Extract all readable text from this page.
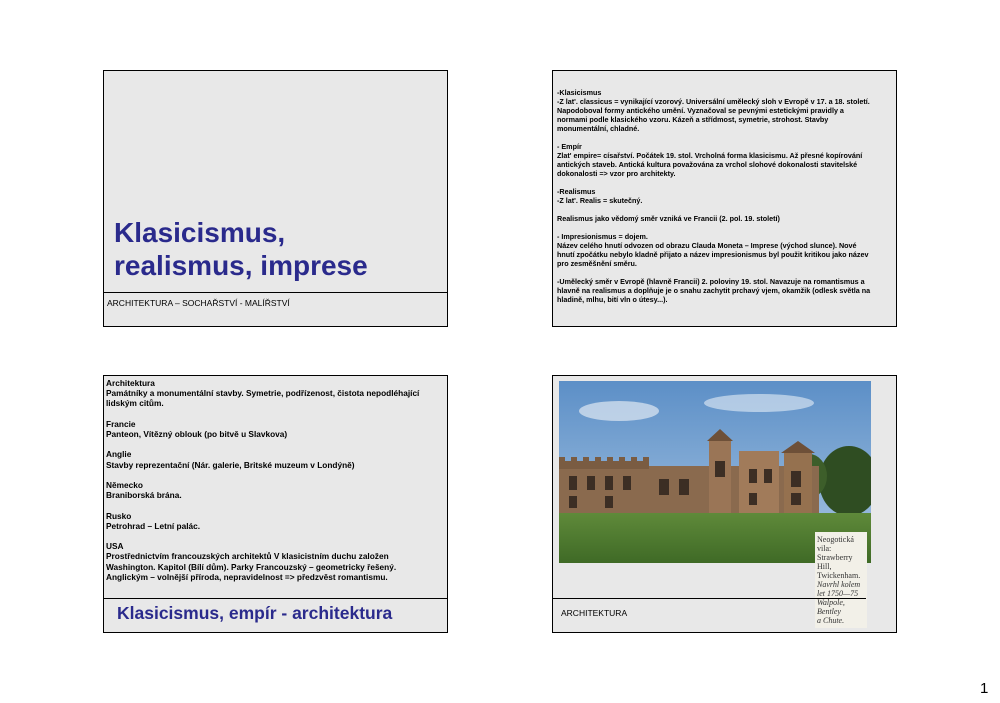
Klasicismus,
realismus, imprese
ARCHITEKTURA – SOCHAŘSTVÍ - MALÍŘSTVÍ
-Klasicismus
-Z lat'. classicus = vynikající vzorový. Universální umělecký sloh v Evropě v 17. a 18. století.
Napodoboval formy antického umění. Vyznačoval se pevnými estetickými pravidly a
normami podle klasického vzoru. Kázeň a střídmost, symetrie, strohost. Stavby
monumentální, chladné.

- Empír
Zlat' empire= císařství. Počátek 19. stol. Vrcholná forma klasicismu. Až přesné kopírování
antických staveb. Antická kultura považována za vrchol slohové dokonalosti stavitelské
dokonalosti => vzor pro architekty.

-Realismus
-Z lat'. Realis = skutečný.

Realismus jako vědomý směr vzniká ve Francii (2. pol. 19. století)

- Impresionismus = dojem.
Název celého hnutí odvozen od obrazu Clauda Moneta – Imprese (východ slunce). Nové
hnutí zpočátku nebylo kladně přijato a název impresionismus byl použit kritikou jako název
pro zesměšnění směru.

-Umělecký směr v Evropě (hlavně Francii) 2. poloviny 19. stol. Navazuje na romantismus a
hlavně na realismus a doplňuje je o snahu zachytit prchavý vjem, okamžik (odlesk světla na
hladině, mlhu, bití vln o útesy...).
Architektura
Památníky a monumentální stavby. Symetrie, podřízenost, čistota nepodléhající
lidským citům.

Francie
Panteon, Vítězný oblouk (po bitvě u Slavkova)

Anglie
Stavby reprezentační (Nár. galerie, Britské muzeum v Londýně)

Německo
Braniborská brána.

Rusko
Petrohrad – Letní palác.

USA
Prostřednictvím francouzských architektů V klasicistním duchu založen
Washington. Kapitol (Bílí dům). Parky Francouzský – geometricky řešený.
Anglickým – volnější příroda, nepravidelnost => předzvěst romantismu.
Klasicismus, empír - architektura
Neogotická
vila:
Strawberry
Hill,
Twickenham.
Navrhl kolem
let 1750—75
Walpole,
Bentley
a Chute.
ARCHITEKTURA
1
